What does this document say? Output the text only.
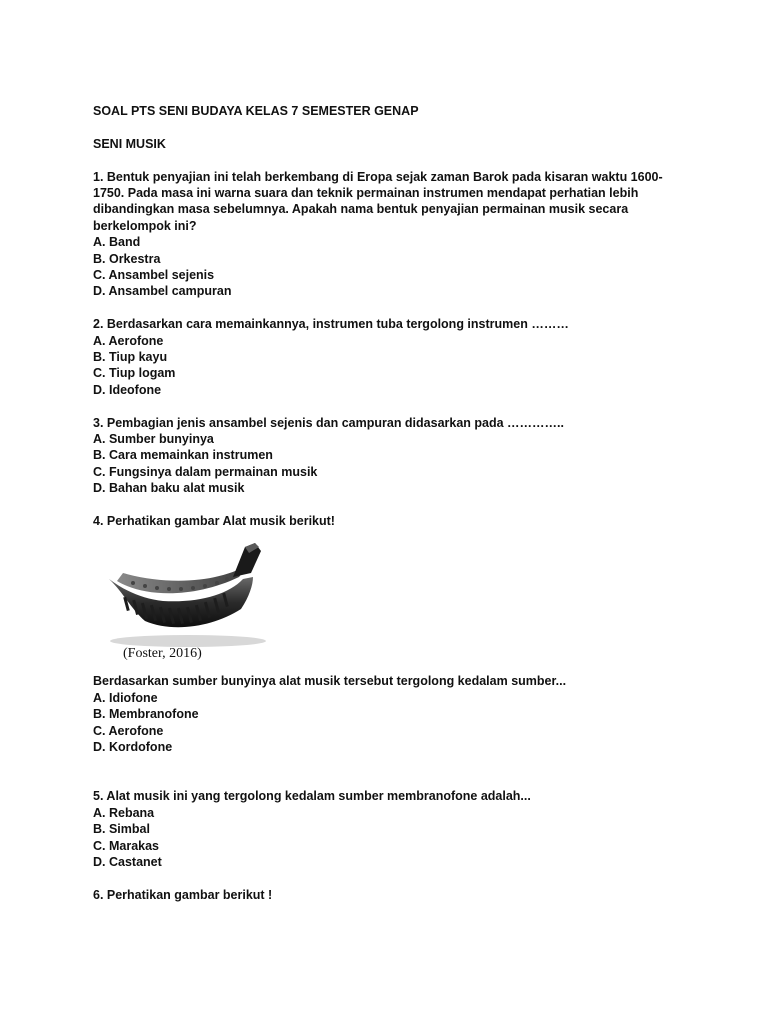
SOAL PTS SENI BUDAYA KELAS 7 SEMESTER GENAP
SENI MUSIK
1. Bentuk penyajian ini telah berkembang di Eropa sejak zaman Barok pada kisaran waktu 1600-
1750. Pada masa ini warna suara dan teknik permainan instrumen mendapat perhatian lebih
dibandingkan masa sebelumnya. Apakah nama bentuk penyajian permainan musik secara
berkelompok ini?
A. Band
B. Orkestra
C. Ansambel sejenis
D. Ansambel campuran
2. Berdasarkan cara memainkannya, instrumen tuba tergolong instrumen ………
A. Aerofone
B. Tiup kayu
C. Tiup logam
D. Ideofone
3. Pembagian jenis ansambel sejenis dan campuran didasarkan pada …………..
A. Sumber bunyinya
B. Cara memainkan instrumen
C. Fungsinya dalam permainan musik
D. Bahan baku alat musik
4. Perhatikan gambar Alat musik berikut!
(Foster, 2016)
Berdasarkan sumber bunyinya alat musik tersebut tergolong kedalam sumber...
A. Idiofone
B. Membranofone
C. Aerofone
D. Kordofone
5. Alat musik ini yang tergolong kedalam sumber membranofone adalah...
A. Rebana
B. Simbal
C. Marakas
D. Castanet
6. Perhatikan gambar berikut !
